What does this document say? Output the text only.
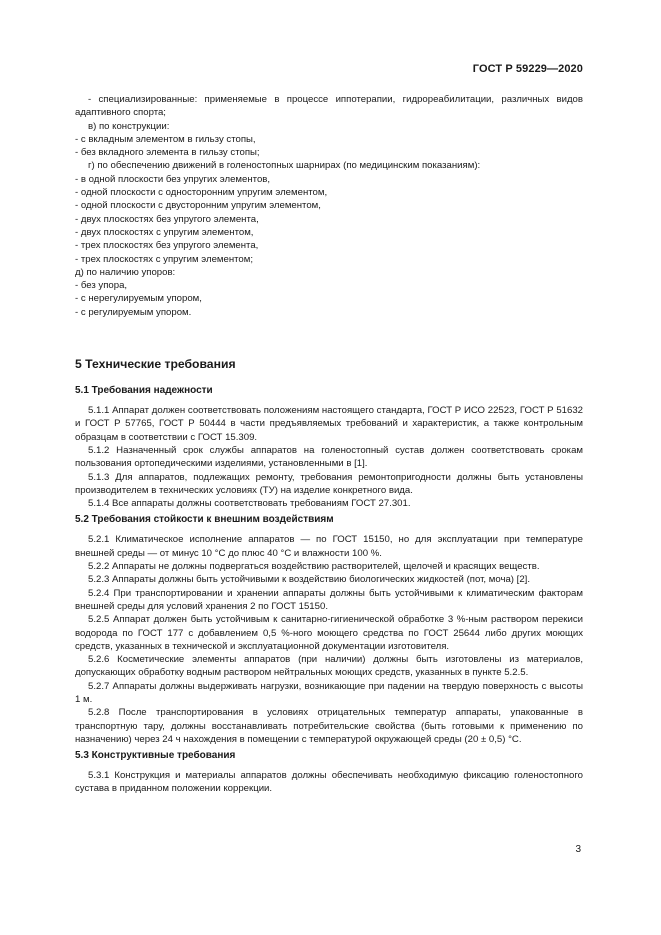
ГОСТ Р 59229—2020

- специализированные: применяемые в процессе иппотерапии, гидрореабилитации, различных видов адаптивного спорта;

в) по конструкции:

- с вкладным элементом в гильзу стопы,

- без вкладного элемента в гильзу стопы;

г) по обеспечению движений в голеностопных шарнирах (по медицинским показаниям):

- в одной плоскости без упругих элементов,

- одной плоскости с односторонним упругим элементом,

- одной плоскости с двусторонним упругим элементом,

- двух плоскостях без упругого элемента,

- двух плоскостях с упругим элементом,

- трех плоскостях без упругого элемента,

- трех плоскостях с упругим элементом;

д) по наличию упоров:

- без упора,

- с нерегулируемым упором,

- с регулируемым упором.

5 Технические требования

5.1 Требования надежности

5.1.1 Аппарат должен соответствовать положениям настоящего стандарта, ГОСТ Р ИСО 22523, ГОСТ Р 51632 и ГОСТ Р 57765, ГОСТ Р 50444 в части предъявляемых требований и характеристик, а также контрольным образцам в соответствии с ГОСТ 15.309.

5.1.2 Назначенный срок службы аппаратов на голеностопный сустав должен соответствовать срокам пользования ортопедическими изделиями, установленными в [1].

5.1.3 Для аппаратов, подлежащих ремонту, требования ремонтопригодности должны быть установлены производителем в технических условиях (ТУ) на изделие конкретного вида.

5.1.4 Все аппараты должны соответствовать требованиям ГОСТ 27.301.

5.2 Требования стойкости к внешним воздействиям

5.2.1 Климатическое исполнение аппаратов — по ГОСТ 15150, но для эксплуатации при температуре внешней среды — от минус 10 °С до плюс 40 °С и влажности 100 %.

5.2.2 Аппараты не должны подвергаться воздействию растворителей, щелочей и красящих веществ.

5.2.3 Аппараты должны быть устойчивыми к воздействию биологических жидкостей (пот, моча) [2].

5.2.4 При транспортировании и хранении аппараты должны быть устойчивыми к климатическим факторам внешней среды для условий хранения 2 по ГОСТ 15150.

5.2.5 Аппарат должен быть устойчивым к санитарно-гигиенической обработке 3 %-ным раствором перекиси водорода по ГОСТ 177 с добавлением 0,5 %-ного моющего средства по ГОСТ 25644 либо других моющих средств, указанных в технической и эксплуатационной документации изготовителя.

5.2.6 Косметические элементы аппаратов (при наличии) должны быть изготовлены из материалов, допускающих обработку водным раствором нейтральных моющих средств, указанных в пункте 5.2.5.

5.2.7 Аппараты должны выдерживать нагрузки, возникающие при падении на твердую поверхность с высоты 1 м.

5.2.8 После транспортирования в условиях отрицательных температур аппараты, упакованные в транспортную тару, должны восстанавливать потребительские свойства (быть готовыми к применению по назначению) через 24 ч нахождения в помещении с температурой окружающей среды (20 ± 0,5) °С.

5.3 Конструктивные требования

5.3.1 Конструкция и материалы аппаратов должны обеспечивать необходимую фиксацию голеностопного сустава в приданном положении коррекции.

3
